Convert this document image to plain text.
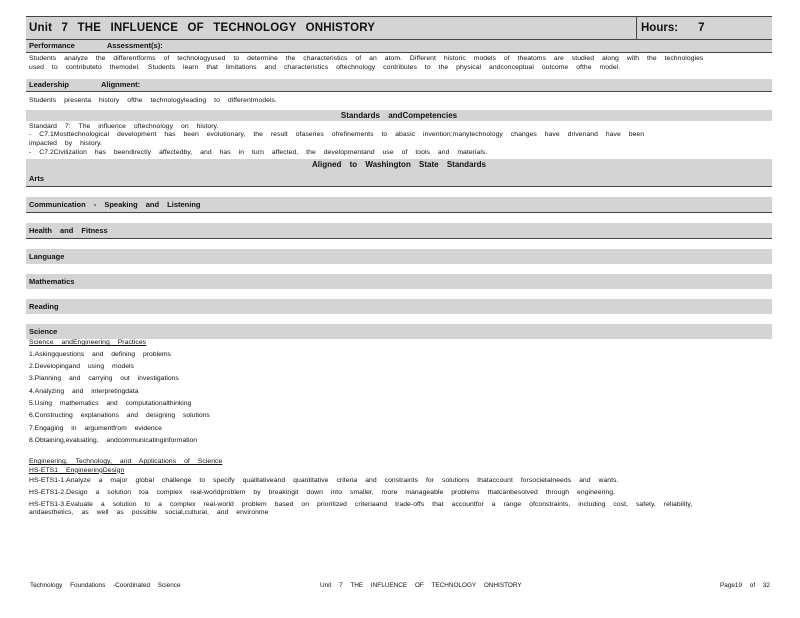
Unit 7 THE INFLUENCE OF TECHNOLOGY ONHISTORY	Hours: 7
Performance	Assessment(s):
Students analyze the differentforms of technologyused to determine the characteristics of an atom. Different historic models of theatoms are studied along with the technologies
used to contributeto themodel. Students learn that limitations and characteristics oftechnology contributes to the physical andconceptual outcome ofthe model.
Leadership	Alignment:
Students presenta history ofthe technologyleading to differentmodels.
Standards andCompetencies
Standard 7: The influence oftechnology on history.
- C7.1Mosttechnological development has been evolutionary, the result ofaseries ofrefinements to abasic invention;manytechnology changes have drivenand have been
impacted by history.
- C7.2Civilization has beendirectly affectedby, and has in turn affected, the developmentand use of tools and materials.
Aligned to Washington State Standards
Arts
Communication - Speaking and Listening
Health and Fitness
Language
Mathematics
Reading
Science
Science andEngineering Practices
1.Askingquestions and defining problems
2.Developingand using models
3.Planning and carrying out investigations
4.Analyzing and interpretingdata
5.Using mathematics and computationalthinking
6.Constructing explanations and designing solutions
7.Engaging in argumentfrom evidence
8.Obtaining,evaluating, andcommunicatinginformation
Engineering, Technology, and Applications of Science
HS-ETS1 EngineeringDesign
HS-ETS1-1.Analyze a major global challenge to specify qualitativeand quantitative criteria and constraints for solutions thataccount forsocietalneeds and wants.
HS-ETS1-2.Design a solution toa complex real-worldproblem by breakingit down into smaller, more manageable problems thatcanbesolved through engineering.
HS-ETS1-3.Evaluate a solution to a complex real-world problem based on prioritized criteriaand trade-offs that accountfor a range ofconstraints, including cost, safety, reliability,
andaesthetics, as well as possible social,cultural, and environme
Technology Foundations -Coordinated Science	Unit 7 THE INFLUENCE OF TECHNOLOGY ONHISTORY	Page19 of 32
